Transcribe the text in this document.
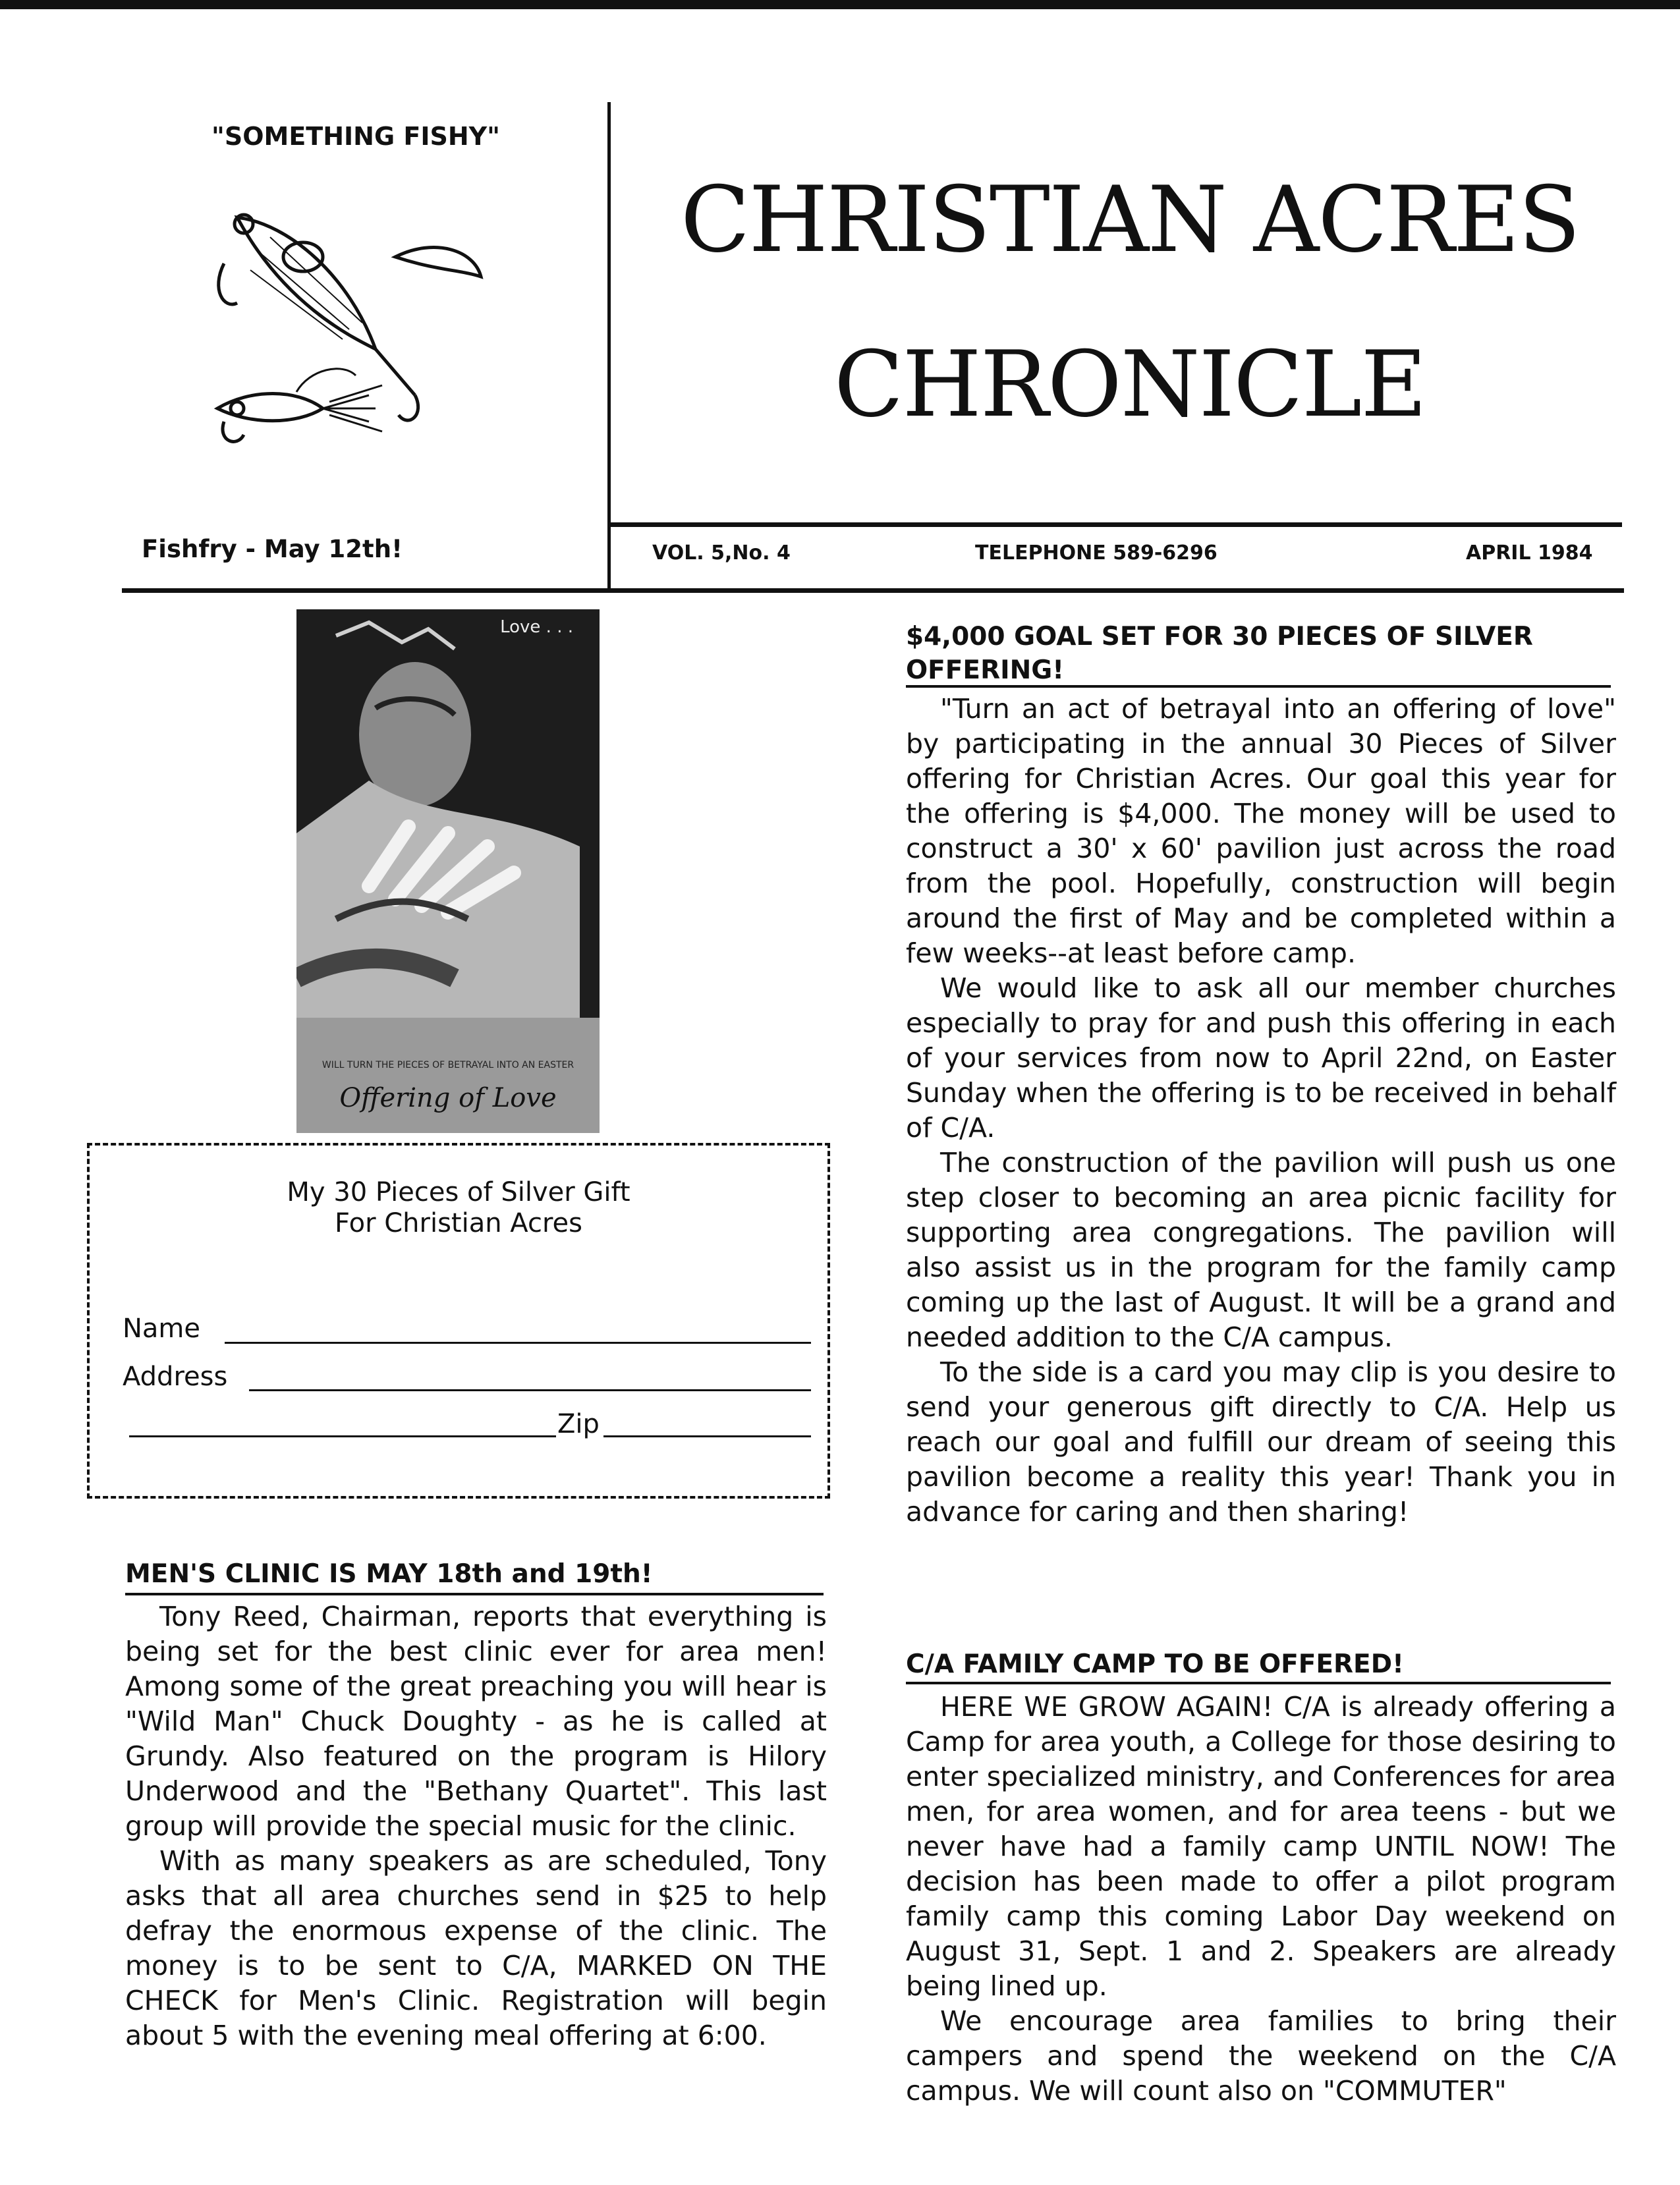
"SOMETHING FISHY"
Fishfry - May 12th!
CHRISTIAN ACRES
CHRONICLE
VOL. 5,No. 4	TELEPHONE 589-6296	APRIL 1984
Love . . .
WILL TURN THE PIECES OF BETRAYAL INTO AN EASTER
Offering of Love
My 30 Pieces of Silver Gift
For Christian Acres
Name
Address
Zip
MEN'S CLINIC IS MAY 18th and 19th!

Tony Reed, Chairman, reports that everything is being set for the best clinic ever for area men! Among some of the great preaching you will hear is "Wild Man" Chuck Doughty - as he is called at Grundy. Also featured on the program is Hilory Underwood and the "Bethany Quartet". This last group will provide the special music for the clinic.

With as many speakers as are scheduled, Tony asks that all area churches send in $25 to help defray the enormous expense of the clinic. The money is to be sent to C/A, MARKED ON THE CHECK for Men's Clinic. Registration will begin about 5 with the evening meal offering at 6:00.

$4,000 GOAL SET FOR 30 PIECES OF SILVER OFFERING!

"Turn an act of betrayal into an offering of love" by participating in the annual 30 Pieces of Silver offering for Christian Acres. Our goal this year for the offering is $4,000. The money will be used to construct a 30' x 60' pavilion just across the road from the pool. Hopefully, construction will begin around the first of May and be completed within a few weeks--at least before camp.

We would like to ask all our member churches especially to pray for and push this offering in each of your services from now to April 22nd, on Easter Sunday when the offering is to be received in behalf of C/A.

The construction of the pavilion will push us one step closer to becoming an area picnic facility for supporting area congregations. The pavilion will also assist us in the program for the family camp coming up the last of August. It will be a grand and needed addition to the C/A campus.

To the side is a card you may clip is you desire to send your generous gift directly to C/A. Help us reach our goal and fulfill our dream of seeing this pavilion become a reality this year! Thank you in advance for caring and then sharing!

C/A FAMILY CAMP TO BE OFFERED!

HERE WE GROW AGAIN! C/A is already offering a Camp for area youth, a College for those desiring to enter specialized ministry, and Conferences for area men, for area women, and for area teens - but we never have had a family camp UNTIL NOW! The decision has been made to offer a pilot program family camp this coming Labor Day weekend on August 31, Sept. 1 and 2. Speakers are already being lined up.

We encourage area families to bring their campers and spend the weekend on the C/A campus. We will count also on "COMMUTER"
